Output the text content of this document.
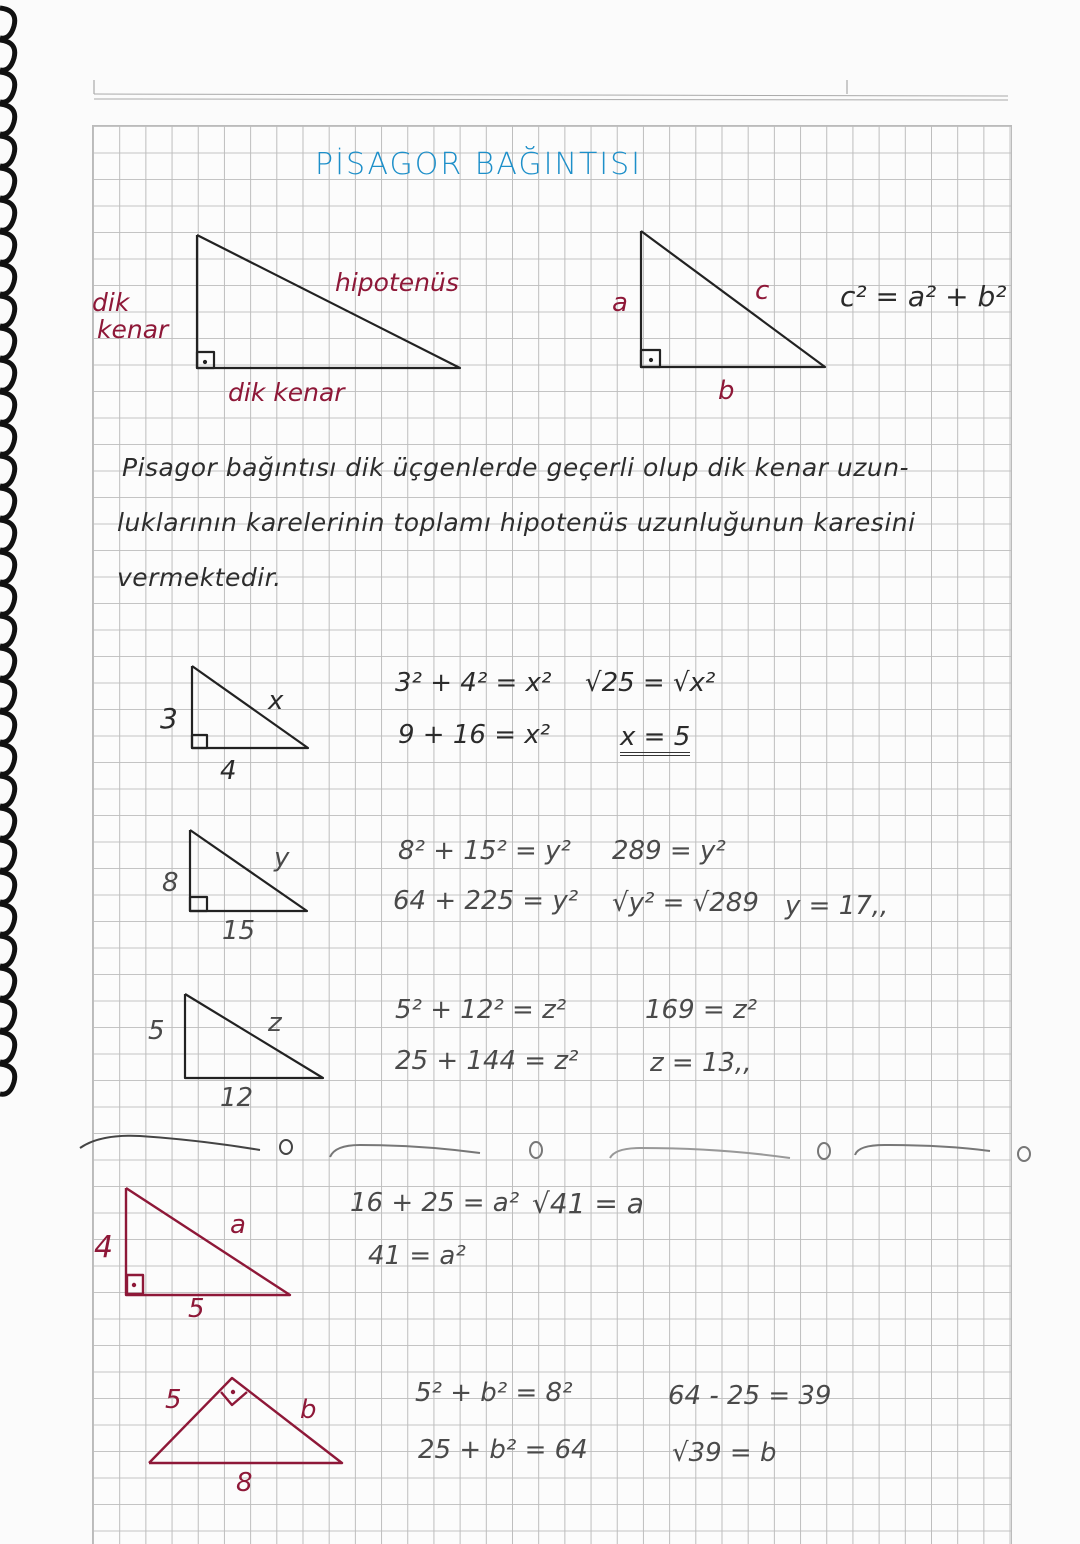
PİSAGOR BAĞINTISI
dik
kenar
hipotenüs
dik kenar
a	c
b
c² = a² + b²
Pisagor bağıntısı dik üçgenlerde geçerli olup dik kenar uzun-
luklarının karelerinin toplamı hipotenüs uzunluğunun karesini
vermektedir.
3
4
x
3² + 4² = x²
9 + 16 = x²
√25 = √x²
x = 5
8
15
y	8² + 15² = y²
64 + 225 = y²
289 = y²
√y² = √289 y = 17,,
5
12
z	5² + 12² = z²
25 + 144 = z²
169 = z²
z = 13,,
4
5
a
16 + 25 = a²
41 = a²
√41 = a
5	b
8
5² + b² = 8²
25 + b² = 64
64 - 25 = 39
√39 = b
